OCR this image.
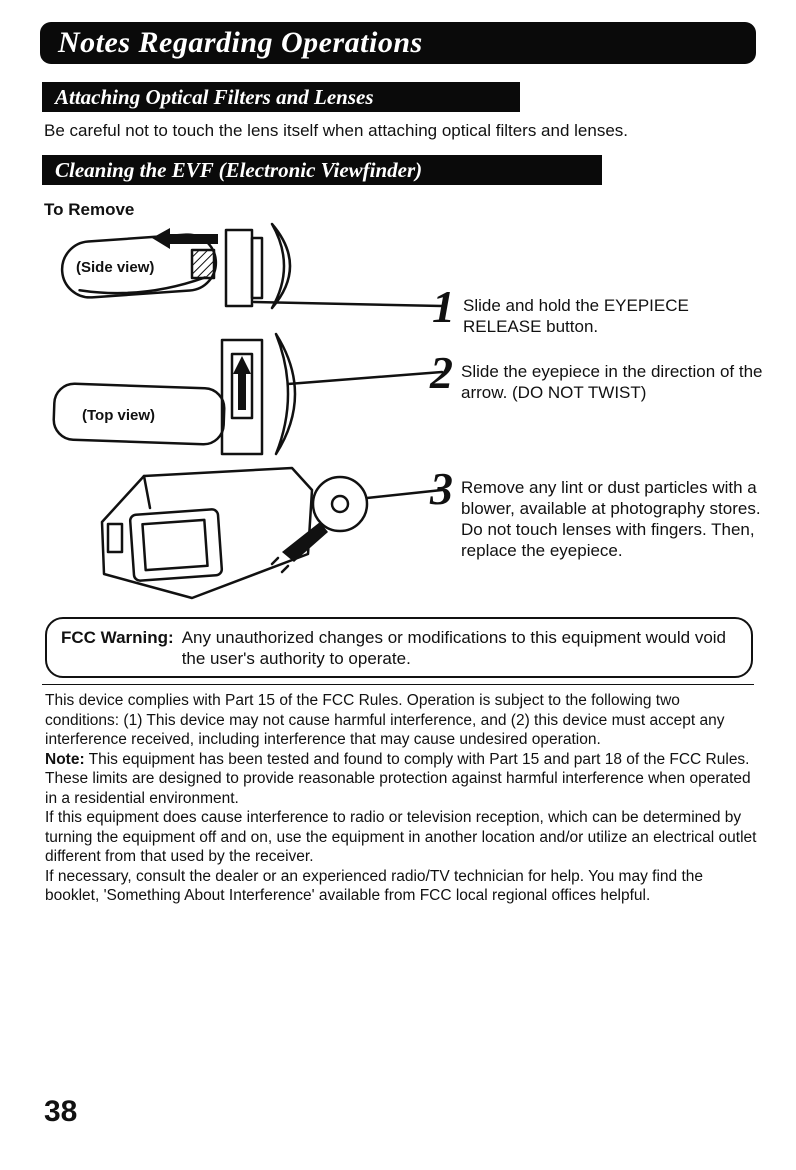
Notes Regarding Operations
Attaching Optical Filters and Lenses
Be careful not to touch the lens itself when attaching optical filters and lenses.
Cleaning the EVF (Electronic Viewfinder)
To Remove
(Side view)
(Top view)
1 Slide and hold the EYEPIECE RELEASE button.
2 Slide the eyepiece in the direction of the arrow. (DO NOT TWIST)
3 Remove any lint or dust particles with a blower, available at photography stores. Do not touch lenses with fingers. Then, replace the eyepiece.
FCC Warning: Any unauthorized changes or modifications to this equipment would void the user's authority to operate.

This device complies with Part 15 of the FCC Rules. Operation is subject to the following two conditions: (1) This device may not cause harmful interference, and (2) this device must accept any interference received, including interference that may cause undesired operation.

Note: This equipment has been tested and found to comply with Part 15 and part 18 of the FCC Rules. These limits are designed to provide reasonable protection against harmful interference when operated in a residential environment.

If this equipment does cause interference to radio or television reception, which can be determined by turning the equipment off and on, use the equipment in another location and/or utilize an electrical outlet different from that used by the receiver.

If necessary, consult the dealer or an experienced radio/TV technician for help. You may find the booklet, 'Something About Interference' available from FCC local regional offices helpful.

38
